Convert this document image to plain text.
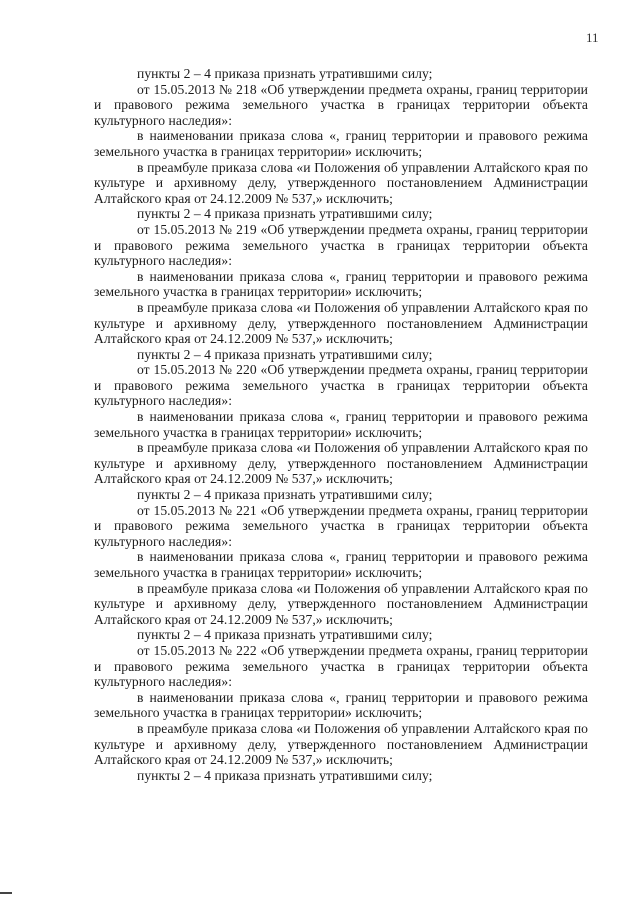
11

пункты 2 – 4 приказа признать утратившими силу;

от 15.05.2013 № 218 «Об утверждении предмета охраны, границ территории и правового режима земельного участка в границах территории объекта культурного наследия»:

в наименовании приказа слова «, границ территории и правового режима земельного участка в границах территории» исключить;

в преамбуле приказа слова «и Положения об управлении Алтайского края по культуре и архивному делу, утвержденного постановлением Администрации Алтайского края от 24.12.2009 № 537,» исключить;

пункты 2 – 4 приказа признать утратившими силу;

от 15.05.2013 № 219 «Об утверждении предмета охраны, границ территории и правового режима земельного участка в границах территории объекта культурного наследия»:

в наименовании приказа слова «, границ территории и правового режима земельного участка в границах территории» исключить;

в преамбуле приказа слова «и Положения об управлении Алтайского края по культуре и архивному делу, утвержденного постановлением Администрации Алтайского края от 24.12.2009 № 537,» исключить;

пункты 2 – 4 приказа признать утратившими силу;

от 15.05.2013 № 220 «Об утверждении предмета охраны, границ территории и правового режима земельного участка в границах территории объекта культурного наследия»:

в наименовании приказа слова «, границ территории и правового режима земельного участка в границах территории» исключить;

в преамбуле приказа слова «и Положения об управлении Алтайского края по культуре и архивному делу, утвержденного постановлением Администрации Алтайского края от 24.12.2009 № 537,» исключить;

пункты 2 – 4 приказа признать утратившими силу;

от 15.05.2013 № 221 «Об утверждении предмета охраны, границ территории и правового режима земельного участка в границах территории объекта культурного наследия»:

в наименовании приказа слова «, границ территории и правового режима земельного участка в границах территории» исключить;

в преамбуле приказа слова «и Положения об управлении Алтайского края по культуре и архивному делу, утвержденного постановлением Администрации Алтайского края от 24.12.2009 № 537,» исключить;

пункты 2 – 4 приказа признать утратившими силу;

от 15.05.2013 № 222 «Об утверждении предмета охраны, границ территории и правового режима земельного участка в границах территории объекта культурного наследия»:

в наименовании приказа слова «, границ территории и правового режима земельного участка в границах территории» исключить;

в преамбуле приказа слова «и Положения об управлении Алтайского края по культуре и архивному делу, утвержденного постановлением Администрации Алтайского края от 24.12.2009 № 537,» исключить;

пункты 2 – 4 приказа признать утратившими силу;
